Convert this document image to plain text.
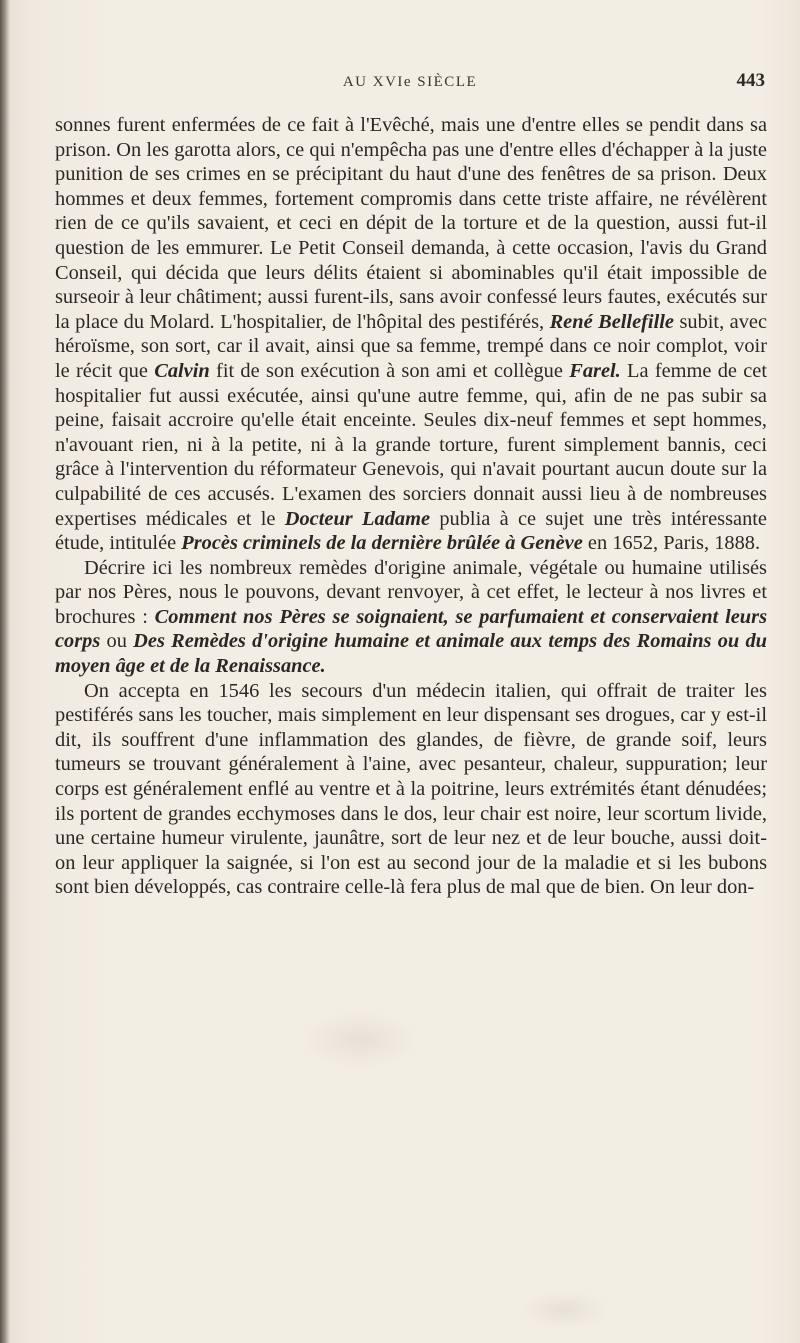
AU XVIe SIÈCLE	443

sonnes furent enfermées de ce fait à l'Evêché, mais une d'entre elles se pendit dans sa prison. On les garotta alors, ce qui n'empêcha pas une d'entre elles d'échapper à la juste punition de ses crimes en se précipitant du haut d'une des fenêtres de sa prison. Deux hommes et deux femmes, fortement compromis dans cette triste affaire, ne révélèrent rien de ce qu'ils savaient, et ceci en dépit de la torture et de la question, aussi fut-il question de les emmurer. Le Petit Conseil demanda, à cette occasion, l'avis du Grand Conseil, qui décida que leurs délits étaient si abominables qu'il était impossible de surseoir à leur châtiment; aussi furent-ils, sans avoir confessé leurs fautes, exécutés sur la place du Molard. L'hospitalier, de l'hôpital des pestiférés, René Bellefille subit, avec héroïsme, son sort, car il avait, ainsi que sa femme, trempé dans ce noir complot, voir le récit que Calvin fit de son exécution à son ami et collègue Farel. La femme de cet hospitalier fut aussi exécutée, ainsi qu'une autre femme, qui, afin de ne pas subir sa peine, faisait accroire qu'elle était enceinte. Seules dix-neuf femmes et sept hommes, n'avouant rien, ni à la petite, ni à la grande torture, furent simplement bannis, ceci grâce à l'intervention du réformateur Genevois, qui n'avait pourtant aucun doute sur la culpabilité de ces accusés. L'examen des sorciers donnait aussi lieu à de nombreuses expertises médicales et le Docteur Ladame publia à ce sujet une très intéressante étude, intitulée Procès criminels de la dernière brûlée à Genève en 1652, Paris, 1888.

Décrire ici les nombreux remèdes d'origine animale, végétale ou humaine utilisés par nos Pères, nous le pouvons, devant renvoyer, à cet effet, le lecteur à nos livres et brochures : Comment nos Pères se soignaient, se parfumaient et conservaient leurs corps ou Des Remèdes d'origine humaine et animale aux temps des Romains ou du moyen âge et de la Renaissance.

On accepta en 1546 les secours d'un médecin italien, qui offrait de traiter les pestiférés sans les toucher, mais simplement en leur dispensant ses drogues, car y est-il dit, ils souffrent d'une inflammation des glandes, de fièvre, de grande soif, leurs tumeurs se trouvant généralement à l'aine, avec pesanteur, chaleur, suppuration; leur corps est généralement enflé au ventre et à la poitrine, leurs extrémités étant dénudées; ils portent de grandes ecchymoses dans le dos, leur chair est noire, leur scortum livide, une certaine humeur virulente, jaunâtre, sort de leur nez et de leur bouche, aussi doit-on leur appliquer la saignée, si l'on est au second jour de la maladie et si les bubons sont bien développés, cas contraire celle-là fera plus de mal que de bien. On leur don-
